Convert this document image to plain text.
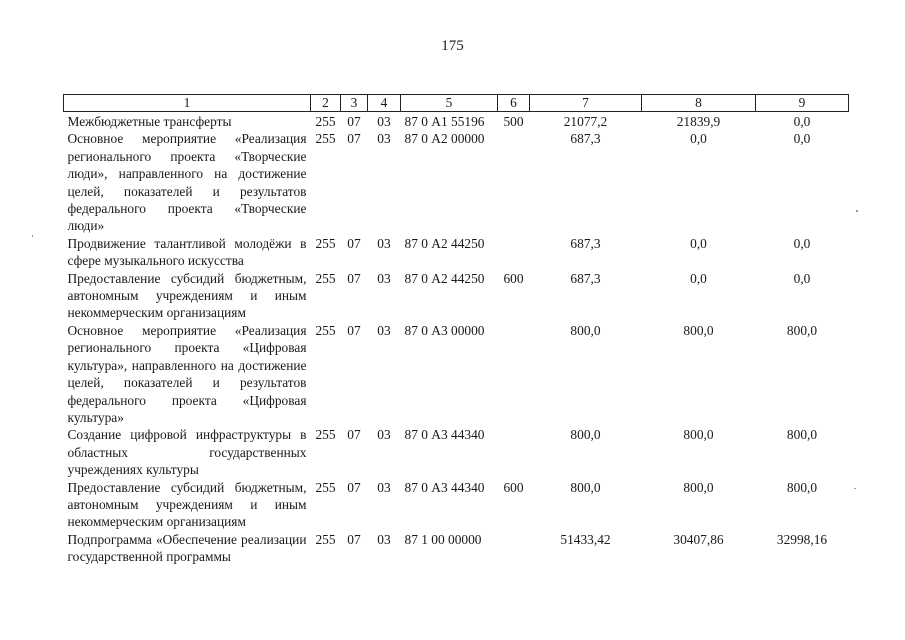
175
1	2	3	4	5	6	7	8	9
Межбюджетные трансферты	255	07	03	87 0 А1 55196	500	21077,2	21839,9	0,0
Основное мероприятие «Реализация регионального проекта «Творческие люди», направленного на достижение целей, показателей и результатов федерального проекта «Творческие люди»	255	07	03	87 0 А2 00000		687,3	0,0	0,0
Продвижение талантливой молодёжи в сфере музыкального искусства	255	07	03	87 0 А2 44250		687,3	0,0	0,0
Предоставление субсидий бюджетным, автономным учреждениям и иным некоммерческим организациям	255	07	03	87 0 А2 44250	600	687,3	0,0	0,0
Основное мероприятие «Реализация регионального проекта «Цифровая культура», направленного на достижение целей, показателей и результатов федерального проекта «Цифровая культура»	255	07	03	87 0 А3 00000		800,0	800,0	800,0
Создание цифровой инфраструктуры в областных государственных учреждениях культуры	255	07	03	87 0 А3 44340		800,0	800,0	800,0
Предоставление субсидий бюджетным, автономным учреждениям и иным некоммерческим организациям	255	07	03	87 0 А3 44340	600	800,0	800,0	800,0
Подпрограмма «Обеспечение реализации государственной программы	255	07	03	87 1 00 00000		51433,42	30407,86	32998,16
